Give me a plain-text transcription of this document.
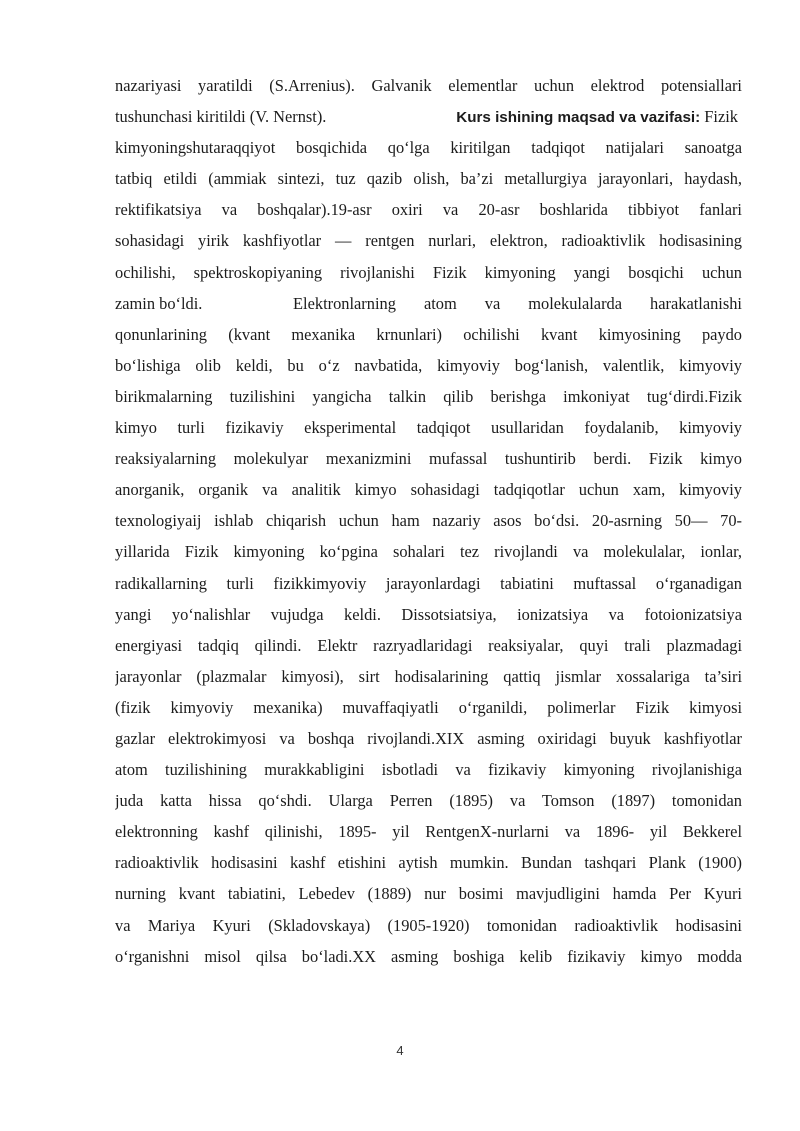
nazariyasi yaratildi (S.Arrenius). Galvanik elementlar uchun elektrod potensiallari
tushunchasi kiritildi (V. Nernst).	Kurs ishining maqsad va vazifasi: Fizik
kimyoningshutaraqqiyot bosqichida qo‘lga kiritilgan tadqiqot natijalari sanoatga
tatbiq etildi (ammiak sintezi, tuz qazib olish, ba’zi metallurgiya jarayonlari, haydash,
rektifikatsiya va boshqalar).19-asr oxiri va 20-asr boshlarida tibbiyot fanlari
sohasidagi yirik kashfiyotlar — rentgen nurlari, elektron, radioaktivlik hodisasining
ochilishi, spektroskopiyaning rivojlanishi Fizik kimyoning yangi bosqichi uchun
zamin bo‘ldi.	Elektronlarning atom va molekulalarda harakatlanishi
qonunlarining (kvant mexanika krnunlari) ochilishi kvant kimyosining paydo
bo‘lishiga olib keldi, bu o‘z navbatida, kimyoviy bog‘lanish, valentlik, kimyoviy
birikmalarning tuzilishini yangicha talkin qilib berishga imkoniyat tug‘dirdi.Fizik
kimyo turli fizikaviy eksperimental tadqiqot usullaridan foydalanib, kimyoviy
reaksiyalarning molekulyar mexanizmini mufassal tushuntirib berdi. Fizik kimyo
anorganik, organik va analitik kimyo sohasidagi tadqiqotlar uchun xam, kimyoviy
texnologiyaij ishlab chiqarish uchun ham nazariy asos bo‘dsi. 20-asrning 50— 70-
yillarida Fizik kimyoning ko‘pgina sohalari tez rivojlandi va molekulalar, ionlar,
radikallarning turli fizikkimyoviy jarayonlardagi tabiatini muftassal o‘rganadigan
yangi yo‘nalishlar vujudga keldi. Dissotsiatsiya, ionizatsiya va fotoionizatsiya
energiyasi tadqiq qilindi. Elektr razryadlaridagi reaksiyalar, quyi trali plazmadagi
jarayonlar (plazmalar kimyosi), sirt hodisalarining qattiq jismlar xossalariga ta’siri
(fizik kimyoviy mexanika) muvaffaqiyatli o‘rganildi, polimerlar Fizik kimyosi
gazlar elektrokimyosi va boshqa rivojlandi.XIX asming oxiridagi buyuk kashfiyotlar
atom tuzilishining murakkabligini isbotladi va fizikaviy kimyoning rivojlanishiga
juda katta hissa qo‘shdi. Ularga Perren (1895) va Tomson (1897) tomonidan
elektronning kashf qilinishi, 1895- yil RentgenX-nurlarni va 1896- yil Bekkerel
radioaktivlik hodisasini kashf etishini aytish mumkin. Bundan tashqari Plank (1900)
nurning kvant tabiatini, Lebedev (1889) nur bosimi mavjudligini hamda Per Kyuri
va Mariya Kyuri (Skladovskaya) (1905-1920) tomonidan radioaktivlik hodisasini
o‘rganishni misol qilsa bo‘ladi.XX asming boshiga kelib fizikaviy kimyo modda
4
